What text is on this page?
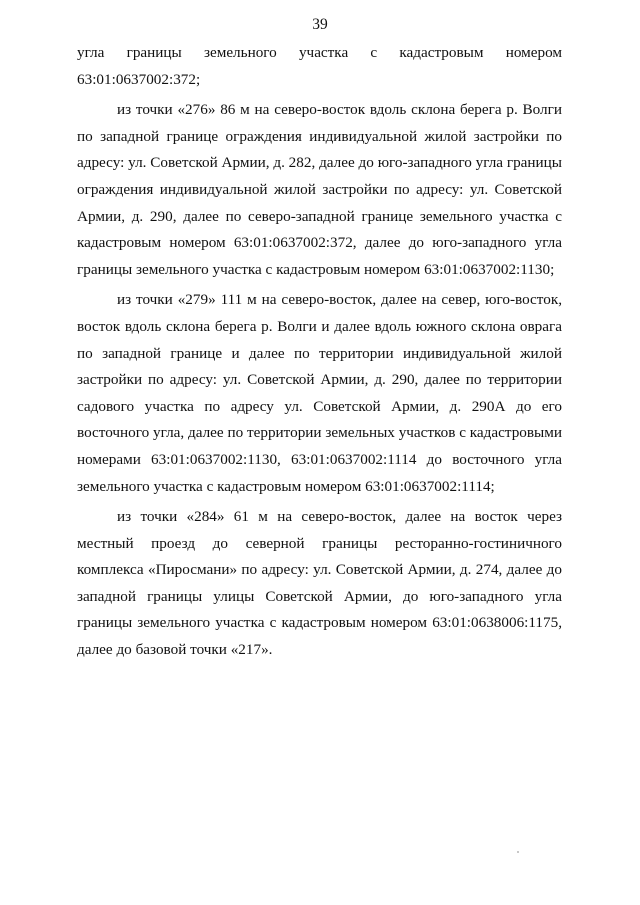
39

угла границы земельного участка с кадастровым номером 63:01:0637002:372;

из точки «276» 86 м на северо-восток вдоль склона берега р. Волги по западной границе ограждения индивидуальной жилой застройки по адресу: ул. Советской Армии, д. 282, далее до юго-западного угла границы ограждения индивидуальной жилой застройки по адресу: ул. Советской Армии, д. 290, далее по северо-западной границе земельного участка с кадастровым номером 63:01:0637002:372, далее до юго-западного угла границы земельного участка с кадастровым номером 63:01:0637002:1130;

из точки «279» 111 м на северо-восток, далее на север, юго-восток, восток вдоль склона берега р. Волги и далее вдоль южного склона оврага по западной границе и далее по территории индивидуальной жилой застройки по адресу: ул. Советской Армии, д. 290, далее по территории садового участка по адресу ул. Советской Армии, д. 290А до его восточного угла, далее по территории земельных участков с кадастровыми номерами 63:01:0637002:1130, 63:01:0637002:1114 до восточного угла земельного участка с кадастровым номером 63:01:0637002:1114;

из точки «284» 61 м на северо-восток, далее на восток через местный проезд до северной границы ресторанно-гостиничного комплекса «Пиросмани» по адресу: ул. Советской Армии, д. 274, далее до западной границы улицы Советской Армии, до юго-западного угла границы земельного участка с кадастровым номером 63:01:0638006:1175, далее до базовой точки «217».
